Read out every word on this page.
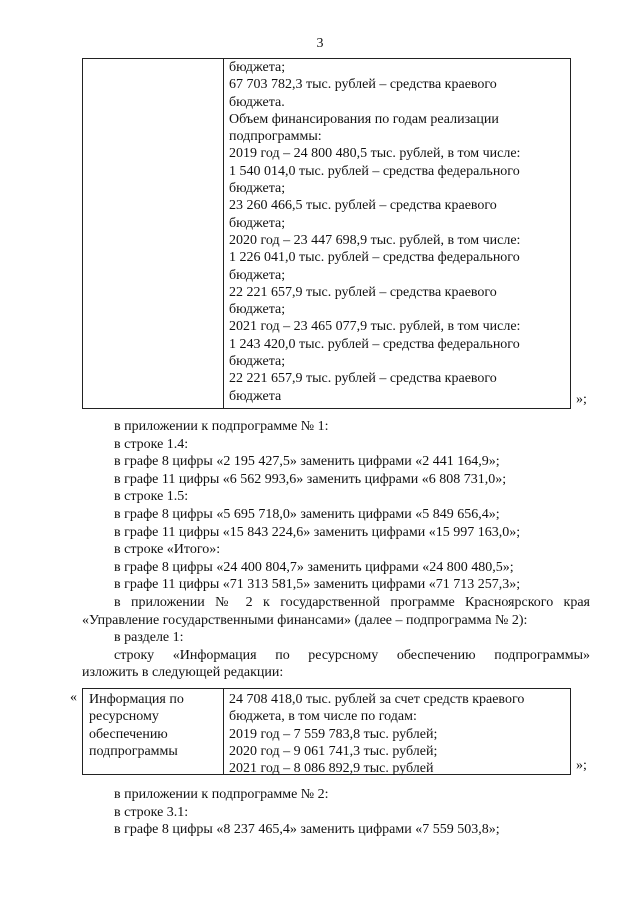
3
бюджета;
67 703 782,3 тыс. рублей – средства краевого
бюджета.
Объем финансирования по годам реализации
подпрограммы:
2019 год – 24 800 480,5 тыс. рублей, в том числе:
1 540 014,0 тыс. рублей – средства федерального
бюджета;
23 260 466,5 тыс. рублей – средства краевого
бюджета;
2020 год – 23 447 698,9 тыс. рублей, в том числе:
1 226 041,0 тыс. рублей – средства федерального
бюджета;
22 221 657,9 тыс. рублей – средства краевого
бюджета;
2021 год – 23 465 077,9 тыс. рублей, в том числе:
1 243 420,0 тыс. рублей – средства федерального
бюджета;
22 221 657,9 тыс. рублей – средства краевого
бюджета	»;
в приложении к подпрограмме № 1:
в строке 1.4:
в графе 8 цифры «2 195 427,5» заменить цифрами «2 441 164,9»;
в графе 11 цифры «6 562 993,6» заменить цифрами «6 808 731,0»;
в строке 1.5:
в графе 8 цифры «5 695 718,0» заменить цифрами «5 849 656,4»;
в графе 11 цифры «15 843 224,6» заменить цифрами «15 997 163,0»;
в строке «Итого»:
в графе 8 цифры «24 400 804,7» заменить цифрами «24 800 480,5»;
в графе 11 цифры «71 313 581,5» заменить цифрами «71 713 257,3»;
в приложении № 2 к государственной программе Красноярского края
«Управление государственными финансами» (далее – подпрограмма № 2):
в разделе 1:
строку «Информация по ресурсному обеспечению подпрограммы»
изложить в следующей редакции:
« Информация по
ресурсному
обеспечению
подпрограммы
24 708 418,0 тыс. рублей за счет средств краевого
бюджета, в том числе по годам:
2019 год – 7 559 783,8 тыс. рублей;
2020 год – 9 061 741,3 тыс. рублей;
2021 год – 8 086 892,9 тыс. рублей	»;
в приложении к подпрограмме № 2:
в строке 3.1:
в графе 8 цифры «8 237 465,4» заменить цифрами «7 559 503,8»;
